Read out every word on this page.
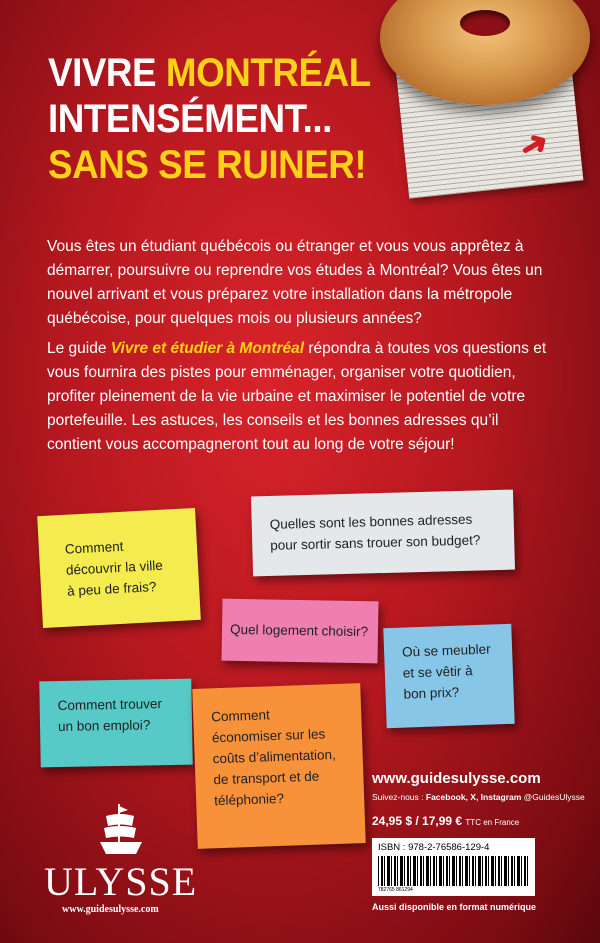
➜
VIVRE MONTRÉAL
INTENSÉMENT...
SANS SE RUINER!
Vous êtes un étudiant québécois ou étranger et vous vous apprêtez à démarrer, poursuivre ou reprendre vos études à Montréal? Vous êtes un nouvel arrivant et vous préparez votre installation dans la métropole québécoise, pour quelques mois ou plusieurs années?
Le guide Vivre et étudier à Montréal répondra à toutes vos questions et vous fournira des pistes pour emménager, organiser votre quotidien, profiter pleinement de la vie urbaine et maximiser le potentiel de votre portefeuille. Les astuces, les conseils et les bonnes adresses qu’il contient vous accompagneront tout au long de votre séjour!
Comment
découvrir la ville
à peu de frais?
Quelles sont les bonnes adresses
pour sortir sans trouer son budget?
Quel logement choisir?
Où se meubler
et se vêtir à
bon prix?
Comment trouver
un bon emploi?
Comment
économiser sur les
coûts d’alimentation,
de transport et de
téléphonie?
www.guidesulysse.com
Suivez-nous : Facebook, X, Instagram @GuidesUlysse
24,95 $ / 17,99 € TTC en France
ISBN : 978-2-76586-129-4
782765 861294
Aussi disponible en format numérique
ULYSSE
www.guidesulysse.com
